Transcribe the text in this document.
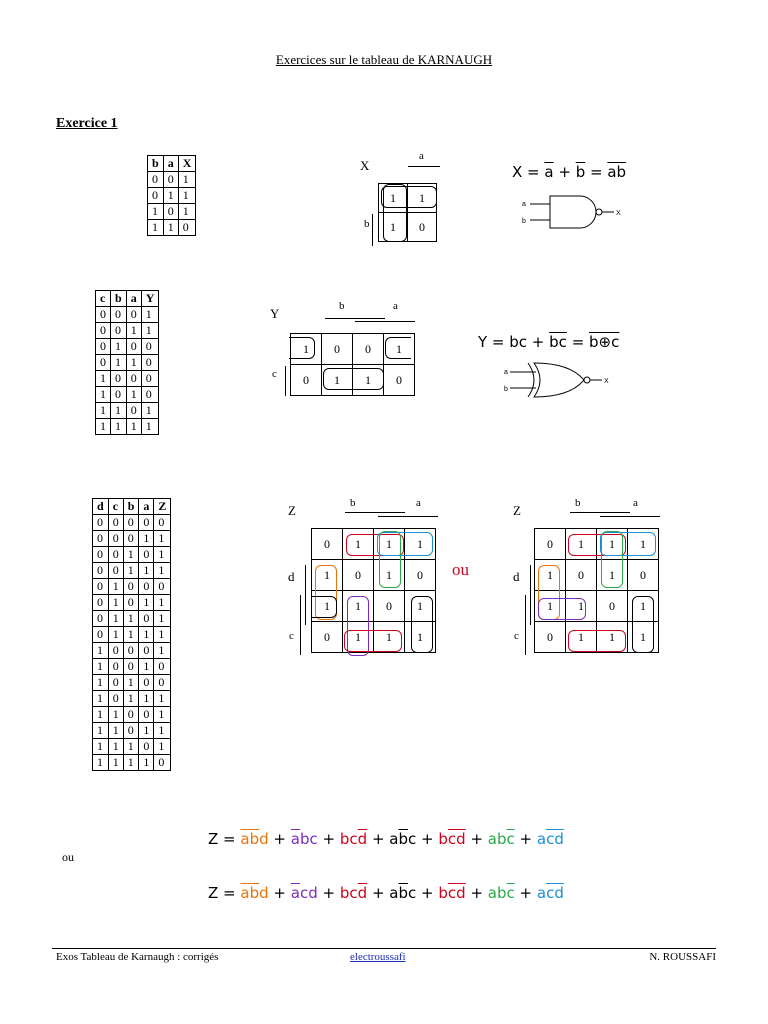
Exercices sur le tableau de KARNAUGH
Exercice 1
b	a	X
0	0	1
0	1	1
1	0	1
1	1	0
X
a
b
1	1
1	0
$X = \overline{a} + \overline{b} = \overline{ab}$
a
b
X
c	b	a	Y
0	0	0	1
0	0	1	1
0	1	0	0
0	1	1	0
1	0	0	0
1	0	1	0
1	1	0	1
1	1	1	1
Y	b	a
c
1	0	0	1
0	1	1	0
Y = bc + $\overline{b}\overline{c}$ = b⊕c
a
b
X
d	c	b	a	Z
0	0	0	0	0
0	0	0	1	1
0	0	1	0	1
0	0	1	1	1
0	1	0	0	0
0	1	0	1	1
0	1	1	0	1
0	1	1	1	1
1	0	0	0	1
1	0	0	1	0
1	0	1	0	0
1	0	1	1	1
1	1	0	0	1
1	1	0	1	1
1	1	1	0	1
1	1	1	1	0
Z	b	a
d
c
0	1	1	1
1	0	1	0
1	1	0	1
0	1	1	1
ou
Z	b	a
d
c
0	1	1	1
1	0	1	0
1	1	0	1
0	1	1	1
$Z = \overline{a}\overline{b}d + \overline{a}bc + bc\overline{d} + a\overline{b}c + b\overline{c}\overline{d} + ab\overline{c} + a\overline{c}\overline{d}$
ou
$Z = \overline{a}\overline{b}d + \overline{a}cd + bc\overline{d} + a\overline{b}c + b\overline{c}\overline{d} + ab\overline{c} + a\overline{c}\overline{d}$
Exos Tableau de Karnaugh : corrigés	electroussafi	N. ROUSSAFI
